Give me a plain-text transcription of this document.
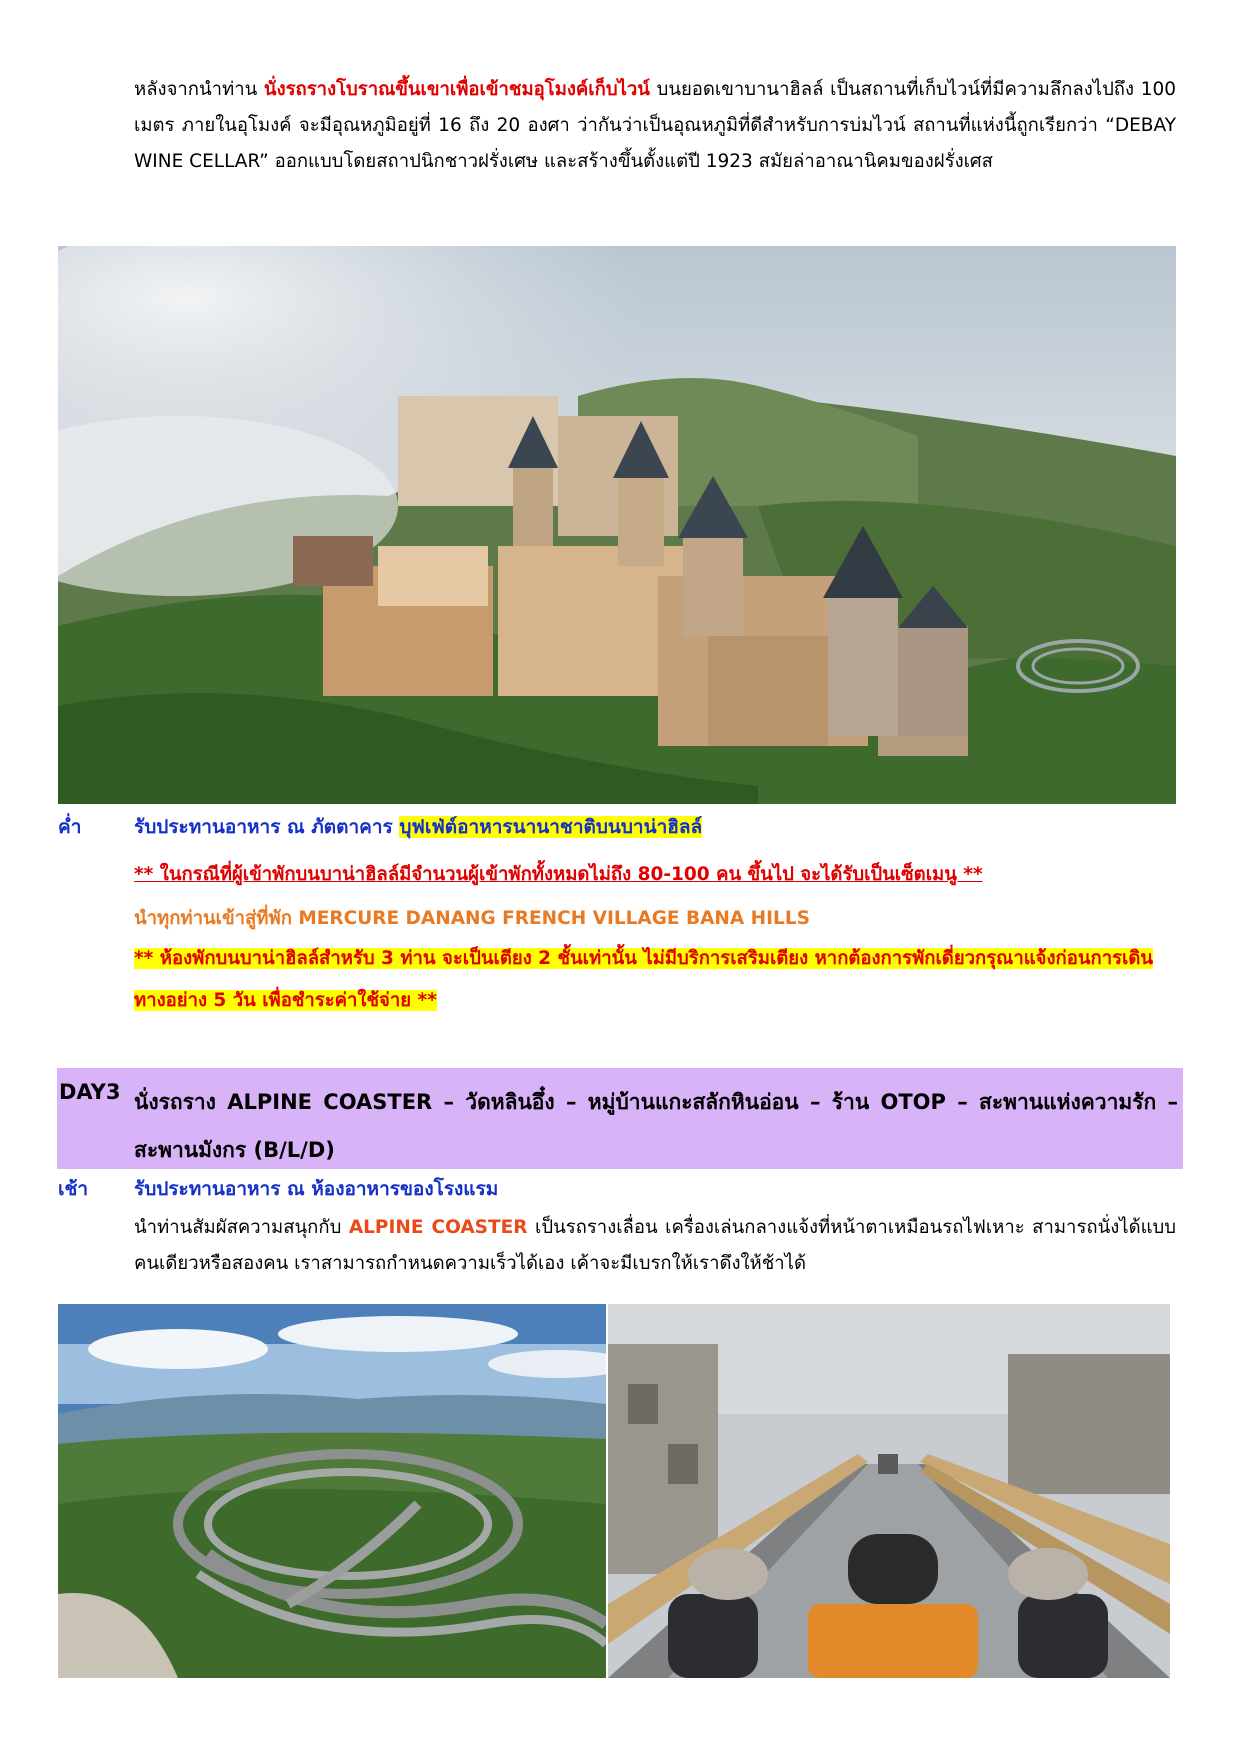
หลังจากนำท่าน นั่งรถรางโบราณขึ้นเขาเพื่อเข้าชมอุโมงค์เก็บไวน์ บนยอดเขาบานาฮิลล์ เป็นสถานที่เก็บไวน์ที่มีความลึกลงไปถึง 100 เมตร ภายในอุโมงค์ จะมีอุณหภูมิอยู่ที่ 16 ถึง 20 องศา ว่ากันว่าเป็นอุณหภูมิที่ดีสำหรับการบ่มไวน์ สถานที่แห่งนี้ถูกเรียกว่า “DEBAY WINE CELLAR” ออกแบบโดยสถาปนิกชาวฝรั่งเศษ และสร้างขึ้นตั้งแต่ปี 1923 สมัยล่าอาณานิคมของฝรั่งเศส
ค่ำ	รับประทานอาหาร ณ ภัตตาคาร บุฟเฟ่ต์อาหารนานาชาติบนบาน่าฮิลล์
** ในกรณีที่ผู้เข้าพักบนบาน่าฮิลล์มีจำนวนผู้เข้าพักทั้งหมดไม่ถึง 80-100 คน ขึ้นไป จะได้รับเป็นเซ็ตเมนู **
นำทุกท่านเข้าสู่ที่พัก MERCURE DANANG FRENCH VILLAGE BANA HILLS
** ห้องพักบนบาน่าฮิลล์สำหรับ 3 ท่าน จะเป็นเตียง 2 ชั้นเท่านั้น ไม่มีบริการเสริมเตียง หากต้องการพักเดี่ยวกรุณาแจ้งก่อนการเดินทางอย่าง 5 วัน เพื่อชำระค่าใช้จ่าย **
DAY3 นั่งรถราง ALPINE COASTER – วัดหลินอึ๋ง – หมู่บ้านแกะสลักหินอ่อน – ร้าน OTOP – สะพานแห่งความรัก – สะพานมังกร (B/L/D)
เช้า รับประทานอาหาร ณ ห้องอาหารของโรงแรม
นำท่านสัมผัสความสนุกกับ ALPINE COASTER เป็นรถรางเลื่อน เครื่องเล่นกลางแจ้งที่หน้าตาเหมือนรถไฟเหาะ สามารถนั่งได้แบบคนเดียวหรือสองคน เราสามารถกำหนดความเร็วได้เอง เค้าจะมีเบรกให้เราดึงให้ช้าได้
